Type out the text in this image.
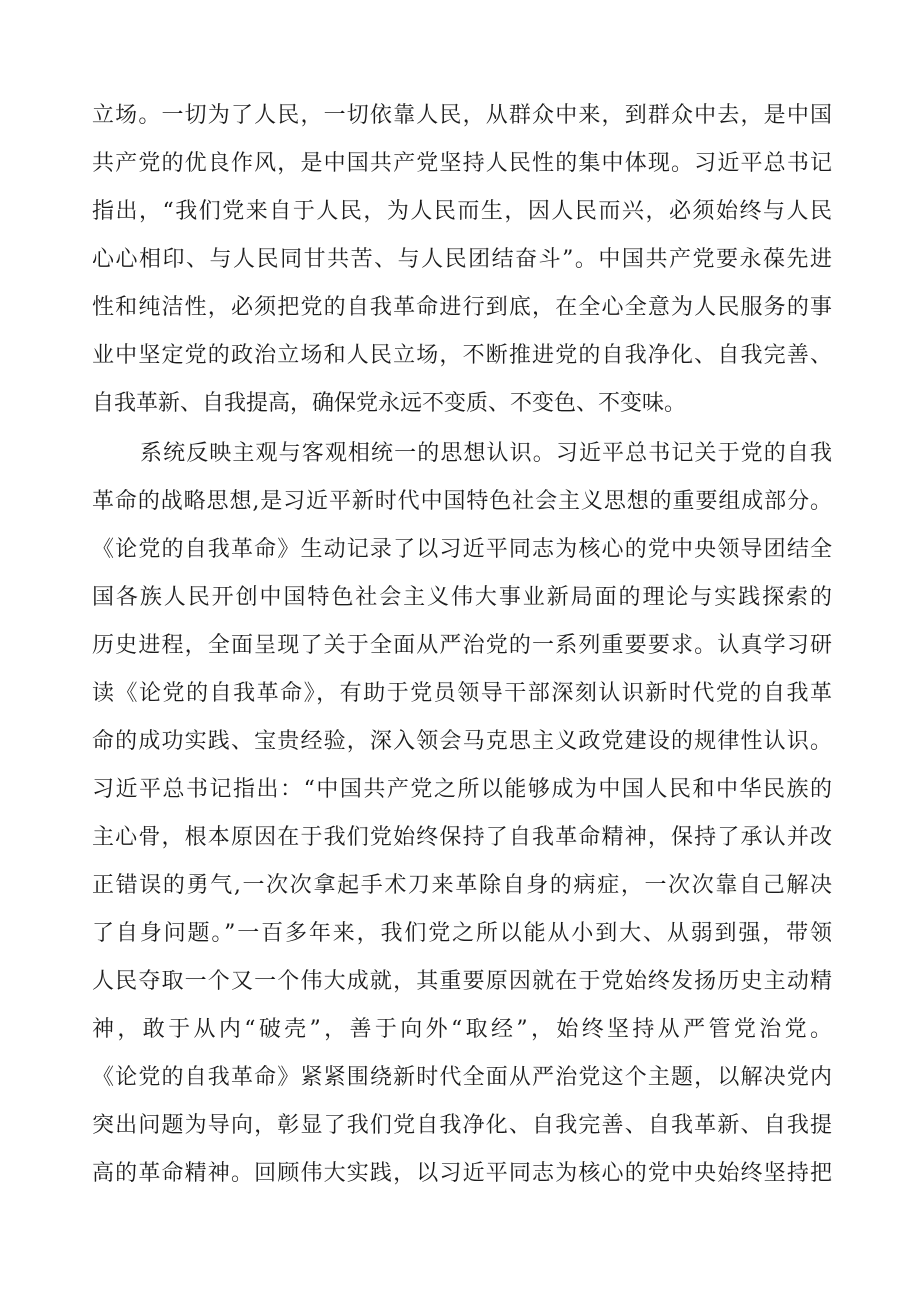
立场。一切为了人民，一切依靠人民，从群众中来，到群众中去，是中国
共产党的优良作风，是中国共产党坚持人民性的集中体现。习近平总书记
指出，“我们党来自于人民，为人民而生，因人民而兴，必须始终与人民
心心相印、与人民同甘共苦、与人民团结奋斗”。中国共产党要永葆先进
性和纯洁性，必须把党的自我革命进行到底，在全心全意为人民服务的事
业中坚定党的政治立场和人民立场，不断推进党的自我净化、自我完善、
自我革新、自我提高，确保党永远不变质、不变色、不变味。
系统反映主观与客观相统一的思想认识。习近平总书记关于党的自我
革命的战略思想,是习近平新时代中国特色社会主义思想的重要组成部分。
《论党的自我革命》生动记录了以习近平同志为核心的党中央领导团结全
国各族人民开创中国特色社会主义伟大事业新局面的理论与实践探索的
历史进程，全面呈现了关于全面从严治党的一系列重要要求。认真学习研
读《论党的自我革命》，有助于党员领导干部深刻认识新时代党的自我革
命的成功实践、宝贵经验，深入领会马克思主义政党建设的规律性认识。
习近平总书记指出：“中国共产党之所以能够成为中国人民和中华民族的
主心骨，根本原因在于我们党始终保持了自我革命精神，保持了承认并改
正错误的勇气,一次次拿起手术刀来革除自身的病症，一次次靠自己解决
了自身问题。”一百多年来，我们党之所以能从小到大、从弱到强，带领
人民夺取一个又一个伟大成就，其重要原因就在于党始终发扬历史主动精
神，敢于从内“破壳”，善于向外“取经”，始终坚持从严管党治党。
《论党的自我革命》紧紧围绕新时代全面从严治党这个主题，以解决党内
突出问题为导向，彰显了我们党自我净化、自我完善、自我革新、自我提
高的革命精神。回顾伟大实践，以习近平同志为核心的党中央始终坚持把
